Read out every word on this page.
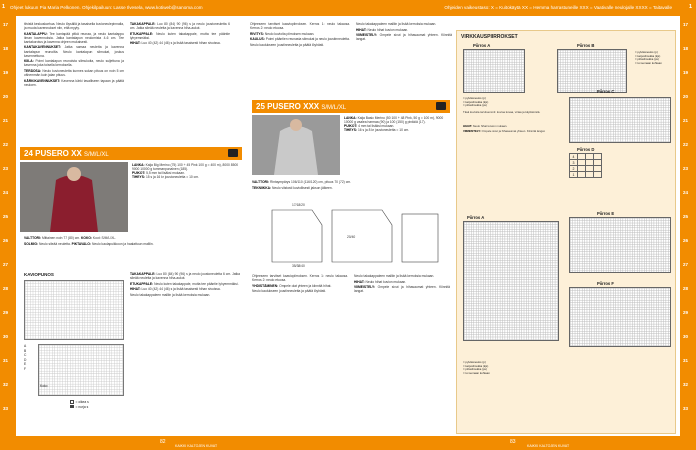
1 Ohjeet lukuun Pia Maria Pelkonen. Ohjekilpailuun: Lasse Ilvesela, www.kotiweb@sanoma.com	Ohjeiden vaikeustaso: X = Kuitokäytä XX = Hemma harrastuneille XXX = Vaativalle neulojalle XXXX = Taitavalle	1
17
18
19
20
21
22
23
24
25
26
27
28
29
30
31
32
33
17
18
19
20
21
22
23
24
25
26
27
28
29
30
31
32
33

tiivistä keskuskarhua. Neulo löysällä ja tasaisella kuvioneulepinnalla, ja muuta kavennukset niin, että myyty.

KANTALAPPU: Tee kantapää pitkä reunaa, ja neulo kantalappu ilman kavennuksia. Jatka kantalapun neulomista 4-6 cm. Tee kantakorotus ja kavenna ohjeen mukaisesti.

KANTAKAVENNUKSET: Jatka samaa neuletta ja kavenna kantalapun reunoilta. Neulo kantalapun silmukat, joskus kavennettuna.

KIILA: Poimi kantalapun reunoista silmukoita, neulo suljettuna ja kavenna joka toisella kerroksella.

TERÄOSA: Neulo kuvioneuletta kunnes sukan pituus on noin 5 cm vähemmän kuin jalan pituus.

KÄRKIKAVENNUKSET: Kavenna kärki tavalliseen tapaan ja päätä neuloen.

TAKAKAPPALE: Luo 80 (84) 90 (96) s ja neulo joustoneuletta 6 cm. Jatka sileää neuletta ja kavenna hiha-aukot.

ETUKAPPALE: Neulo kuten takakappale, mutta tee pääntie lyhyemmäksi.

HIHAT: Luo 40 (42) 44 (46) s ja lisää tasaisesti hihan sivuissa.

24 PUSERO XX S/M/L/XL

LANKA: Kaija Big Merino (75) 100 + 45 Pink 100 g = 400 m), 8000 8500 9000 10000 g tummanpunainen (185).

PUIKOT: 5,5 mm tai lisäksi mukaan.

TIHEYS: 15 s ja 16 kr joustoneuletta = 10 cm.

VALTTORI: Mittainen noin 77 (80) cm. KOKO: Koot: S/M/L/XL.

SOLMIO: Neulo sileää neuletta. PIKTAVALO: Neulo kaulapuikkoon ja haalattuun malliin.

KAVIOPUNOS
A
B
C
D
E
F
= oikea s
= nurja s
Koko

TAKAKAPPALE: Luo 80 (84) 90 (96) s ja neulo joustoneuletta 6 cm. Jatka sileää neuletta ja kavenna hiha-aukot.

ETUKAPPALE: Neulo kuten takakappale, mutta tee pääntie lyhyemmäksi.

HIHAT: Luo 40 (42) 44 (46) s ja lisää tasaisesti hihan sivuissa.

Neulo takakappaleen malliin ja lisää kerroksia mukaan.

Ohjeeseen tarvitset kaaviopiirroksen. Kerros 1: neulo takaosa. Kerros 2: neulo etuosa.

RIVITYS: Neulo kuvioita piirroksen mukaan.

KAULUS: Poimi pääntien reunasta silmukat ja neulo joustinneuletta.

Neulo kaulukseen joustinneuletta ja päätä löyhästi.

Neulo takakappaleen malliin ja lisää kerroksia mukaan.

HIHAT: Neulo hihat kuvion mukaan.

VIIMEISTELY: Ompele sivut ja hihasaumat yhteen. Kiinnitä langat.

25 PUSERO XXX S/M/L/XL

LANKA: Kaija Basic Merino (50 100 + 48 Pink, 50 g = 100 m), 9000 10000 g vaalea harmaa (90) ja 100 (150) g pinkkiä (17).

PUIKOT: 4 mm tai lisäksi mukaan.

TIHEYS: 16 s ja 8 kr joustoneuletta = 10 cm.

VALTTORI: Rintaympärys 106/110 (116/120) cm, pituus 70 (72) cm.

TEKNIIKKA: Neulo viistosti kuviollisesti jakson jälkeen.

17/18/20
20/40
35/38/40

Ohjeeseen tarvitset kaaviopiirroksen. Kerros 1: neulo takaosa. Kerros 2: neulo etuosa.

YHDISTÄMINEN: Ompele olat yhteen ja kiinnitä hihat.

Neulo kaulukseen joustinneuletta ja päätä löyhästi.

Neulo takakappaleen malliin ja lisää kerroksia mukaan.

HIHAT: Neulo hihat kuvion mukaan.

VIIMEISTELY: Ompele sivut ja hihasaumat yhteen. Kiinnitä langat.

VIRKKAUSPIIRROKSET
Piirros A	Piirros B
= pylväsneulos (p)
= ketjusilmukka (kjs)
= piilosilmukka (ps)
= toi semaan kohtaan
= pylväsneulos (p)
= ketjusilmukka (kjs)
= piilosilmukka (ps)
Täsä kuvioita tarvitsemmit: kuvioa kuvaa, virtaa ja käyttämistä.
Piirros C

HIHAT: Neulo hihat kuvion mukaan.

VIIMEISTELY: Ompele sivut ja hihasaumat yhteen. Kiinnitä langat.

Piirros D
4			
3			
2			
1			
Piirros E
Piirros F
Piirros A
= pylväsneulos (p)
= ketjusilmukka (kjs)
= piilosilmukka (ps)
= toi semaan kohtaan
82
KAIKKI KALTOJEN KUVAT
83
KAIKKI KALTOJEN KUVAT
